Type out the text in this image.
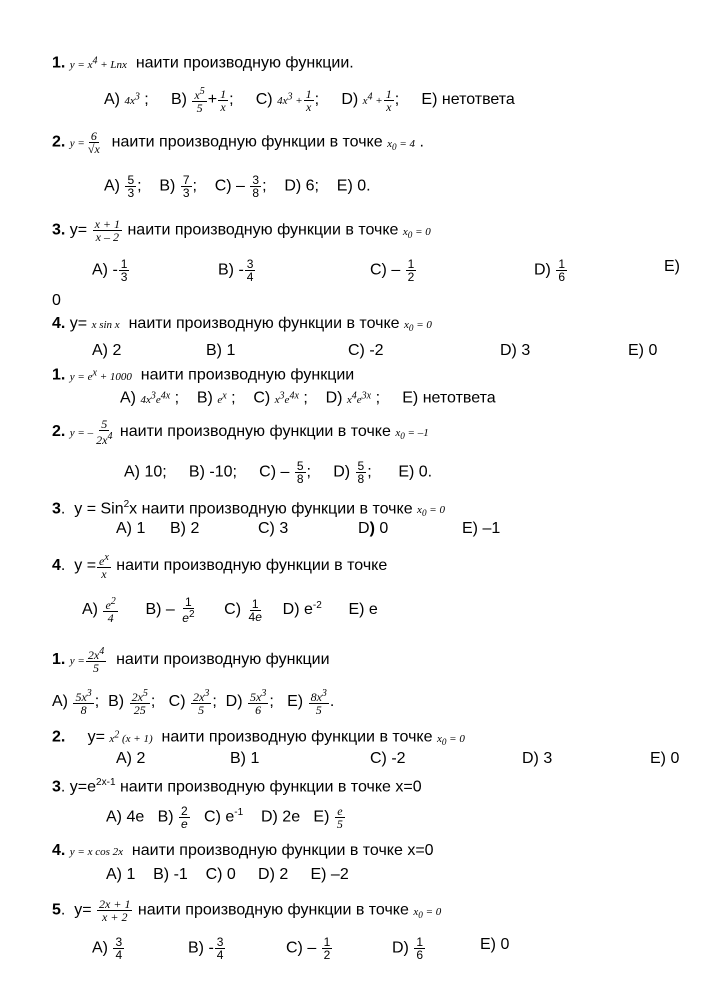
1. $y = x^4$ + Lnx наити производную функции.
A) $4x^3$ ;     $B) \frac{x^5}{5} + \frac{1}{x}$ ;     C) $4x^3 + \frac{1}{x}$ ;     D) $x^4 + \frac{1}{x}$ ;     E) нетответа
2. $y = \frac{6}{√x}$ наити производную функции в точке $x_0 = 4$ .
$A) \frac{5}{3}$ ;    $B) \frac{7}{3}$ ;    $C) - \frac{3}{8}$ ;    D) 6;    E) 0.
3. $y= \frac{x + 1}{x - 2}$ наити производную функции в точке $x_0 = 0$
$A) - \frac{1}{3}$	$B) - \frac{3}{4}$	$C) - \frac{1}{2}$	$D) \frac{1}{6}$	E)
0
4. y= x sin x наити производную функции в точке $x_0 = 0$
A) 2	B) 1	C) -2	D) 3	E) 0
1. $y = e^x + 1000$ наити производную функции
A) $4x^3e^{4x}$ ;    B) $e^x$ ;    C) $x^3e^{4x}$ ;    D) $x^4e^{3x}$ ;     E) нетответа
2. y = – $\frac{5}{2x^4}$ наити производную функции в точке $x_0 = -1$
A) 10;     B) -10;     $C) - \frac{5}{8}$ ;     $D) \frac{5}{8}$ ;      E) 0.
3.  y = Sin$^2$x наити производную функции в точке $x_0 = 0$
A) 1 B) 2	C) 3	D) 0	E) –1
4.  $y = \frac{e^x}{x}$ наити производную функции в точке
$A) \frac{e^2}{4} B) - \frac{1}{e^2} C) \frac{1}{4e} D$) $e^{-2}$      E) e
1. $y = \frac{2x^4}{5}$ наити производную функции
$A) \frac{5x^3}{8}$ ;  $B) \frac{2x^5}{25}$ ;   $C) \frac{2x^3}{5}$ ;  $D) \frac{5x^3}{6}$ ;   $E) \frac{8x^3}{5}$ .
2.     $y= x^2$ (x + 1) наити производную функции в точке $x_0 = 0$
A) 2	B) 1	C) -2	D) 3	E) 0
3. $y=e^{2x-1}$ наити производную функции в точке x=0
A) 4e   $B) \frac{2}{e} C$) $e^{-1}$    D) 2e   $E) \frac{e}{5}$
4. y = x cos 2x наити производную функции в точке x=0
A) 1    B) -1    C) 0     D) 2     E) –2
5.  $y= \frac{2x + 1}{x + 2}$ наити производную функции в точке $x_0 = 0$
$A) \frac{3}{4}$	$B) - \frac{3}{4}$	$C) - \frac{1}{2}$	$D) \frac{1}{6}$	E) 0
